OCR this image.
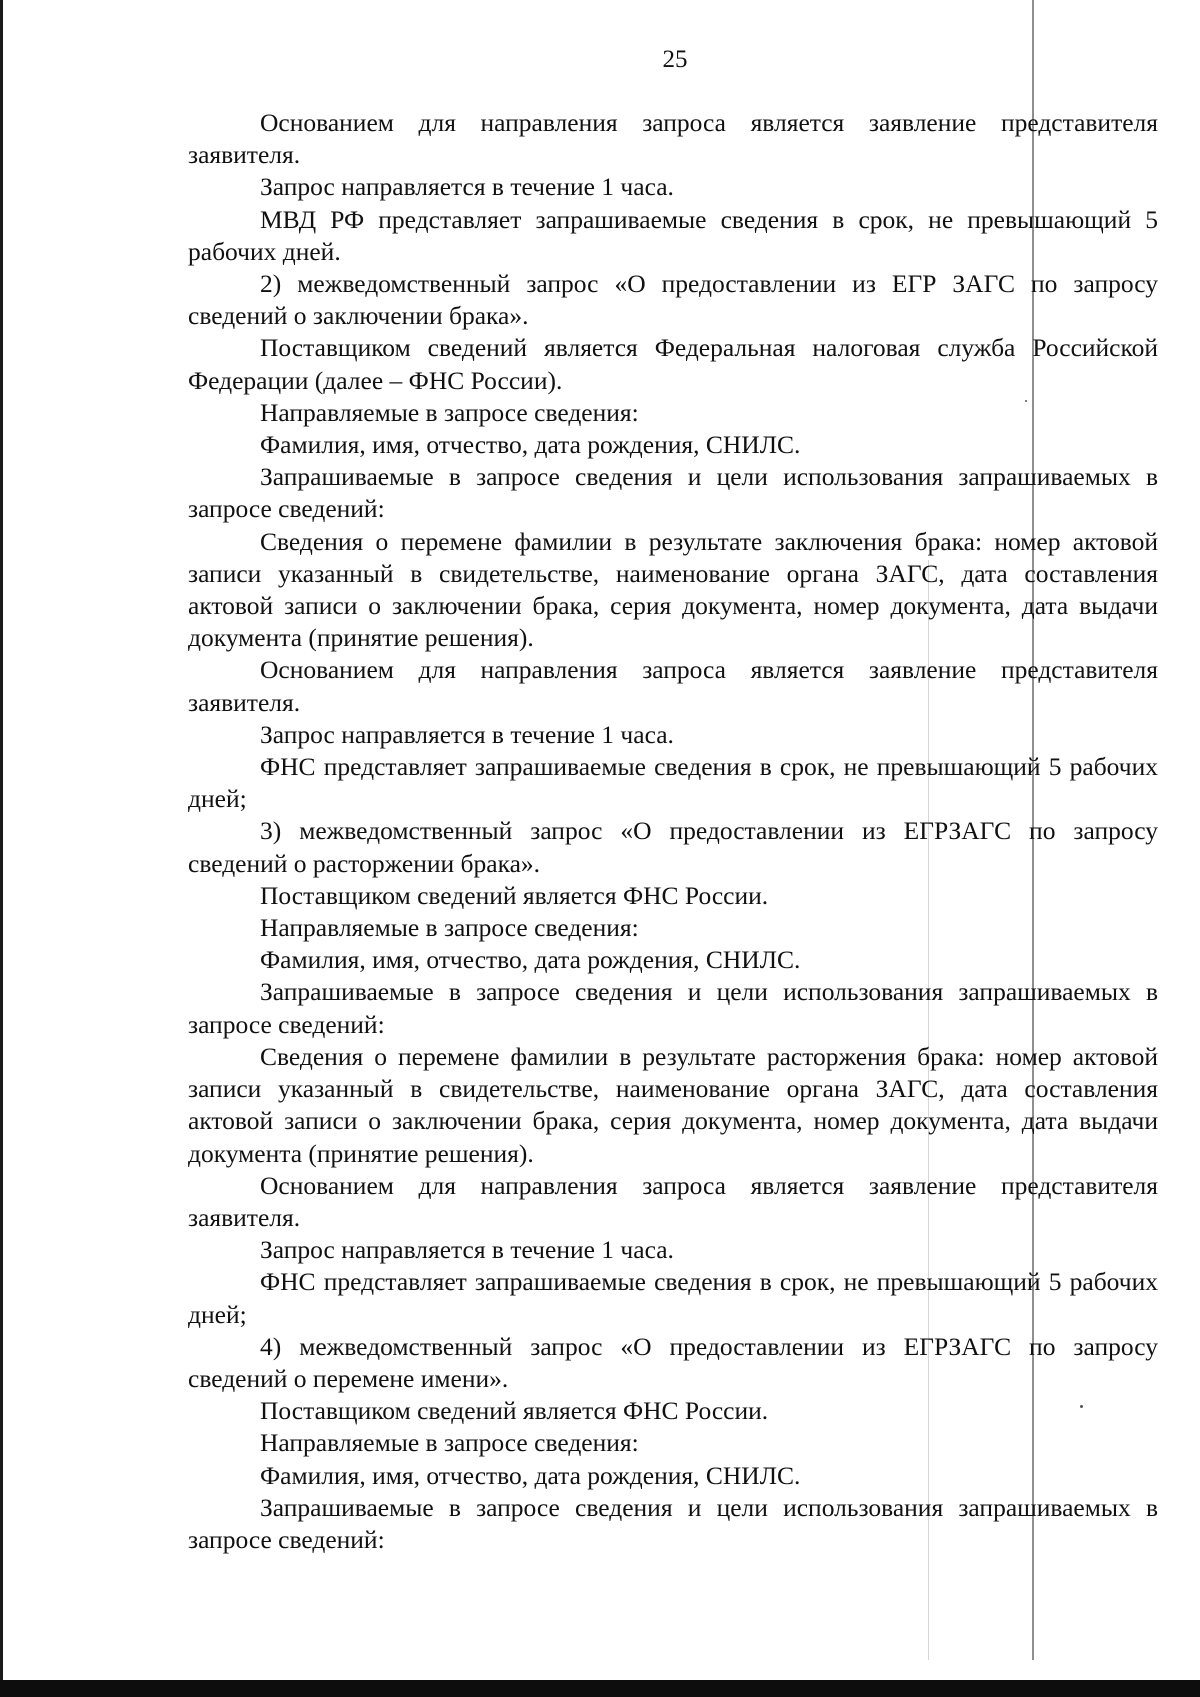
25

Основанием для направления запроса является заявление представителя заявителя.

Запрос направляется в течение 1 часа.

МВД РФ представляет запрашиваемые сведения в срок, не превышающий 5 рабочих дней.

2) межведомственный запрос «О предоставлении из ЕГР ЗАГС по запросу сведений о заключении брака».

Поставщиком сведений является Федеральная налоговая служба Российской Федерации (далее – ФНС России).

Направляемые в запросе сведения:

Фамилия, имя, отчество, дата рождения, СНИЛС.

Запрашиваемые в запросе сведения и цели использования запрашиваемых в запросе сведений:

Сведения о перемене фамилии в результате заключения брака: номер актовой записи указанный в свидетельстве, наименование органа ЗАГС, дата составления актовой записи о заключении брака, серия документа, номер документа, дата выдачи документа (принятие решения).

Основанием для направления запроса является заявление представителя заявителя.

Запрос направляется в течение 1 часа.

ФНС представляет запрашиваемые сведения в срок, не превышающий 5 рабочих дней;

3) межведомственный запрос «О предоставлении из ЕГРЗАГС по запросу сведений о расторжении брака».

Поставщиком сведений является ФНС России.

Направляемые в запросе сведения:

Фамилия, имя, отчество, дата рождения, СНИЛС.

Запрашиваемые в запросе сведения и цели использования запрашиваемых в запросе сведений:

Сведения о перемене фамилии в результате расторжения брака: номер актовой записи указанный в свидетельстве, наименование органа ЗАГС, дата составления актовой записи о заключении брака, серия документа, номер документа, дата выдачи документа (принятие решения).

Основанием для направления запроса является заявление представителя заявителя.

Запрос направляется в течение 1 часа.

ФНС представляет запрашиваемые сведения в срок, не превышающий 5 рабочих дней;

4) межведомственный запрос «О предоставлении из ЕГРЗАГС по запросу сведений о перемене имени».

Поставщиком сведений является ФНС России.

Направляемые в запросе сведения:

Фамилия, имя, отчество, дата рождения, СНИЛС.

Запрашиваемые в запросе сведения и цели использования запрашиваемых в запросе сведений:
